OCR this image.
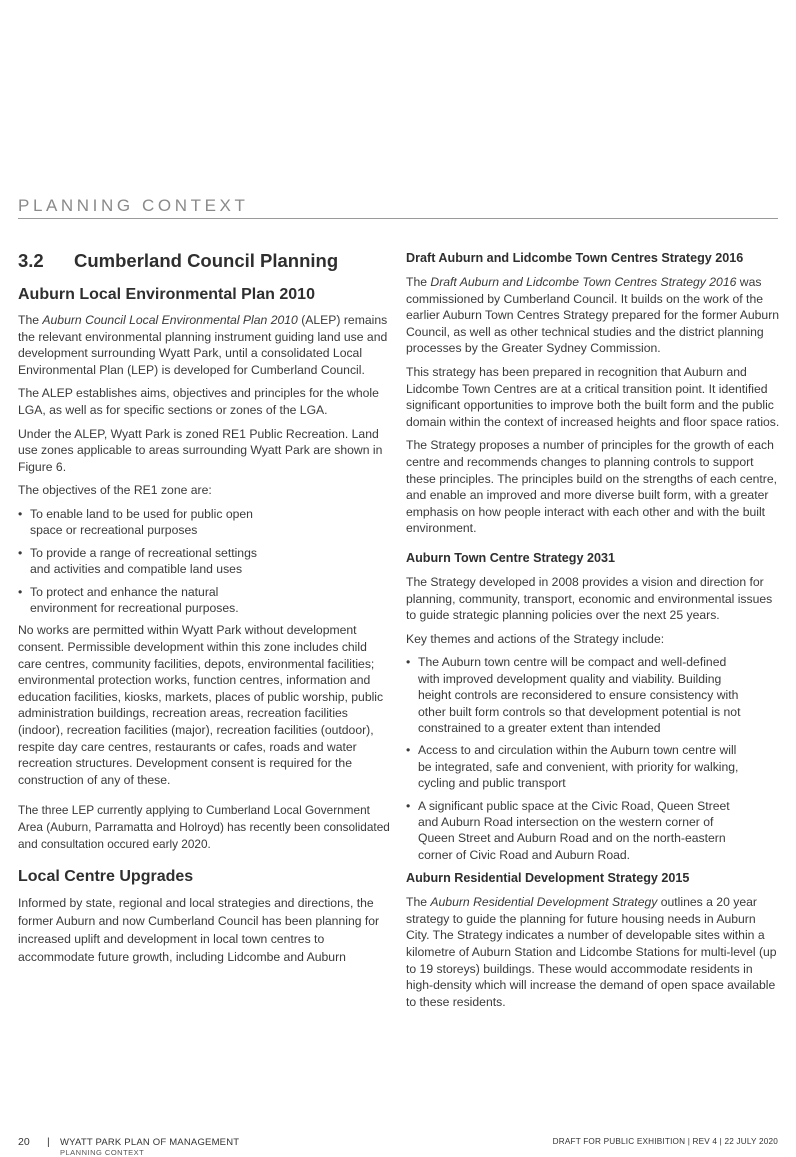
PLANNING CONTEXT
3.2 Cumberland Council Planning
Auburn Local Environmental Plan 2010

The Auburn Council Local Environmental Plan 2010 (ALEP) remains the relevant environmental planning instrument guiding land use and development surrounding Wyatt Park, until a consolidated Local Environmental Plan (LEP) is developed for Cumberland Council.

The ALEP establishes aims, objectives and principles for the whole LGA, as well as for specific sections or zones of the LGA.

Under the ALEP, Wyatt Park is zoned RE1 Public Recreation. Land use zones applicable to areas surrounding Wyatt Park are shown in Figure 6.

The objectives of the RE1 zone are:

• To enable land to be used for public open space or recreational purposes
• To provide a range of recreational settings and activities and compatible land uses
• To protect and enhance the natural environment for recreational purposes.

No works are permitted within Wyatt Park without development consent. Permissible development within this zone includes child care centres, community facilities, depots, environmental facilities; environmental protection works, function centres, information and education facilities, kiosks, markets, places of public worship, public administration buildings, recreation areas, recreation facilities (indoor), recreation facilities (major), recreation facilities (outdoor), respite day care centres, restaurants or cafes, roads and water recreation structures. Development consent is required for the construction of any of these.

The three LEP currently applying to Cumberland Local Government Area (Auburn, Parramatta and Holroyd) has recently been consolidated and consultation occured early 2020.

Local Centre Upgrades

Informed by state, regional and local strategies and directions, the former Auburn and now Cumberland Council has been planning for increased uplift and development in local town centres to accommodate future growth, including Lidcombe and Auburn

Draft Auburn and Lidcombe Town Centres Strategy 2016

The Draft Auburn and Lidcombe Town Centres Strategy 2016 was commissioned by Cumberland Council. It builds on the work of the earlier Auburn Town Centres Strategy prepared for the former Auburn Council, as well as other technical studies and the district planning processes by the Greater Sydney Commission.

This strategy has been prepared in recognition that Auburn and Lidcombe Town Centres are at a critical transition point. It identified significant opportunities to improve both the built form and the public domain within the context of increased heights and floor space ratios.

The Strategy proposes a number of principles for the growth of each centre and recommends changes to planning controls to support these principles. The principles build on the strengths of each centre, and enable an improved and more diverse built form, with a greater emphasis on how people interact with each other and with the built environment.

Auburn Town Centre Strategy 2031

The Strategy developed in 2008 provides a vision and direction for planning, community, transport, economic and environmental issues to guide strategic planning policies over the next 25 years.

Key themes and actions of the Strategy include:

• The Auburn town centre will be compact and well-defined with improved development quality and viability. Building height controls are reconsidered to ensure consistency with other built form controls so that development potential is not constrained to a greater extent than intended
• Access to and circulation within the Auburn town centre will be integrated, safe and convenient, with priority for walking, cycling and public transport
• A significant public space at the Civic Road, Queen Street and Auburn Road intersection on the western corner of Queen Street and Auburn Road and on the north-eastern corner of Civic Road and Auburn Road.
Auburn Residential Development Strategy 2015

The Auburn Residential Development Strategy outlines a 20 year strategy to guide the planning for future housing needs in Auburn City. The Strategy indicates a number of developable sites within a kilometre of Auburn Station and Lidcombe Stations for multi-level (up to 19 storeys) buildings. These would accommodate residents in high-density which will increase the demand of open space available to these residents.

20 | WYATT PARK PLAN OF MANAGEMENT
PLANNING CONTEXT
DRAFT FOR PUBLIC EXHIBITION | REV 4 | 22 JULY 2020
